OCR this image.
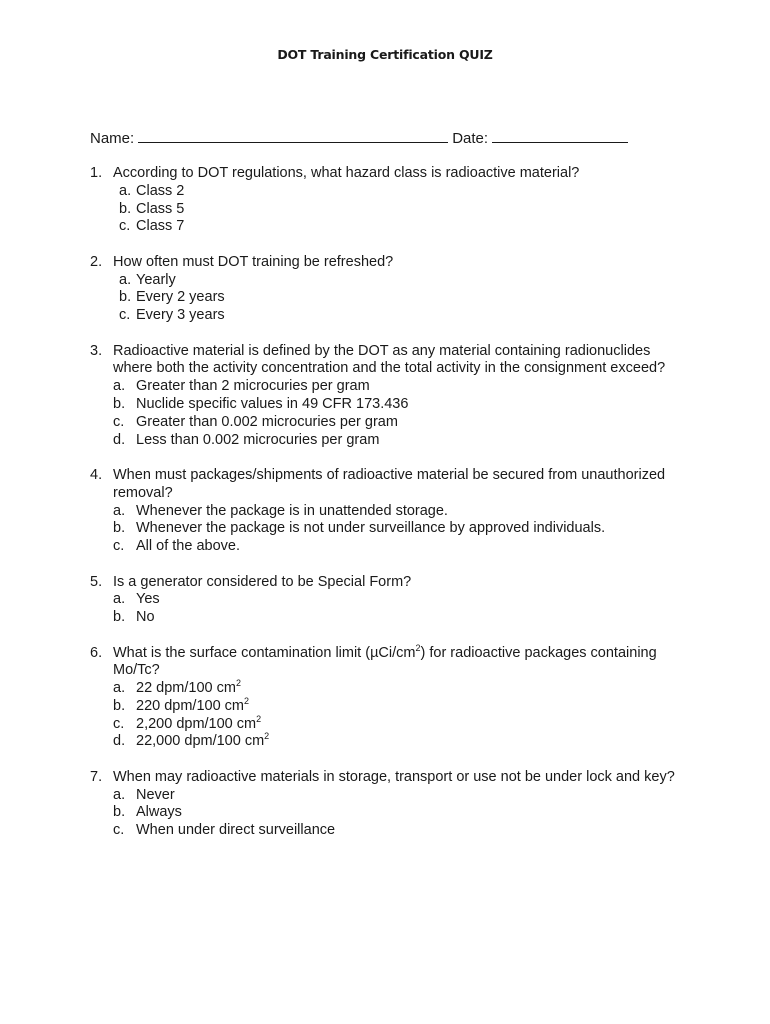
DOT Training Certification QUIZ
Name:	Date:
1. According to DOT regulations, what hazard class is radioactive material?
a. Class 2
b. Class 5
c. Class 7
2. How often must DOT training be refreshed?
a. Yearly
b. Every 2 years
c. Every 3 years
3. Radioactive material is defined by the DOT as any material containing radionuclides where both the activity concentration and the total activity in the consignment exceed?
a. Greater than 2 microcuries per gram
b. Nuclide specific values in 49 CFR 173.436
c. Greater than 0.002 microcuries per gram
d. Less than 0.002 microcuries per gram
4. When must packages/shipments of radioactive material be secured from unauthorized removal?
a. Whenever the package is in unattended storage.
b. Whenever the package is not under surveillance by approved individuals.
c. All of the above.
5. Is a generator considered to be Special Form?
a. Yes
b. No
6. What is the surface contamination limit $(\mu Ci/cm^2)$ for radioactive packages containing Mo/Tc?
a. 22 dpm/100 $cm^2$
b. 220 dpm/100 $cm^2$
c. 2,200 dpm/100 $cm^2$
d. 22,000 dpm/100 $cm^2$
7. When may radioactive materials in storage, transport or use not be under lock and key?
a. Never
b. Always
c. When under direct surveillance
